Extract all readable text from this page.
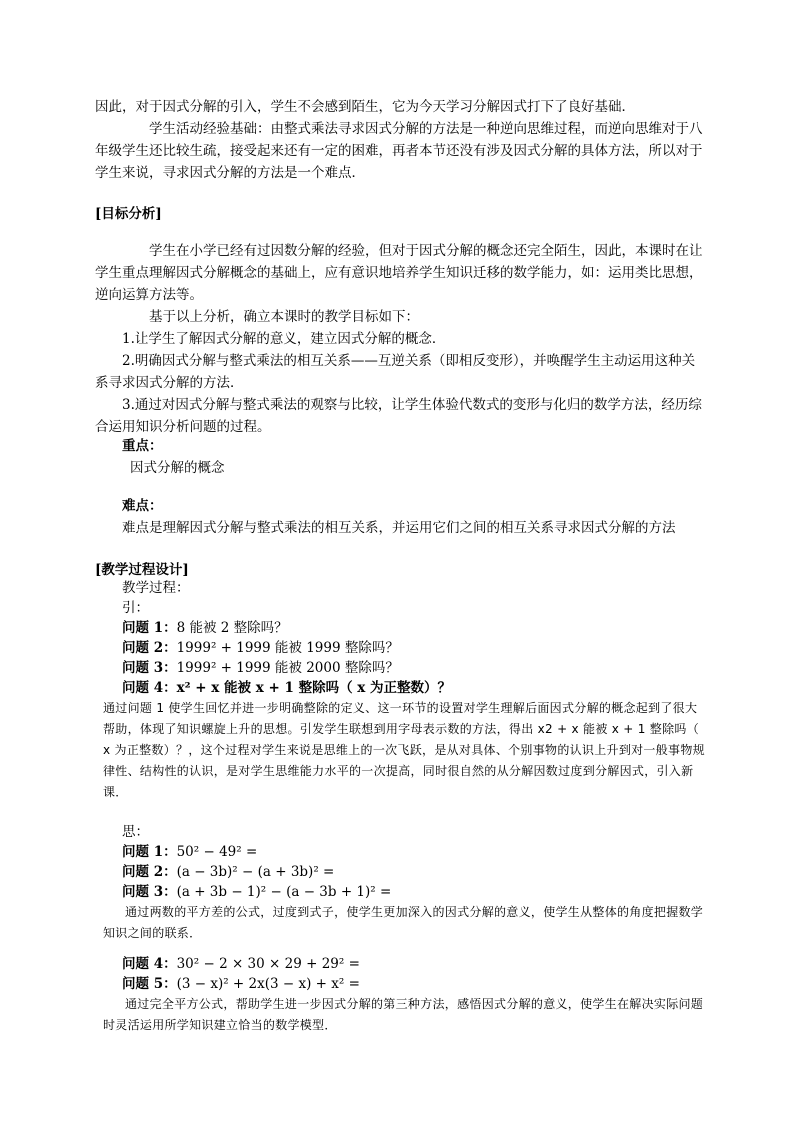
因此，对于因式分解的引入，学生不会感到陌生，它为今天学习分解因式打下了良好基础．

学生活动经验基础：由整式乘法寻求因式分解的方法是一种逆向思维过程，而逆向思维对于八年级学生还比较生疏，接受起来还有一定的困难，再者本节还没有涉及因式分解的具体方法，所以对于学生来说，寻求因式分解的方法是一个难点．

[目标分析]

学生在小学已经有过因数分解的经验，但对于因式分解的概念还完全陌生，因此，本课时在让学生重点理解因式分解概念的基础上，应有意识地培养学生知识迁移的数学能力，如：运用类比思想，逆向运算方法等。

基于以上分析，确立本课时的教学目标如下：

1.让学生了解因式分解的意义，建立因式分解的概念．

2.明确因式分解与整式乘法的相互关系——互逆关系（即相反变形），并唤醒学生主动运用这种关系寻求因式分解的方法．

3.通过对因式分解与整式乘法的观察与比较，让学生体验代数式的变形与化归的数学方法，经历综合运用知识分析问题的过程。

重点：

因式分解的概念

难点：

难点是理解因式分解与整式乘法的相互关系，并运用它们之间的相互关系寻求因式分解的方法

[教学过程设计]

教学过程：

引：

问题 1：8 能被 2 整除吗？

问题 2：1999² + 1999 能被 1999 整除吗？

问题 3：1999² + 1999 能被 2000 整除吗？

问题 4：x² + x 能被 x + 1 整除吗（ x 为正整数）？

通过问题 1 使学生回忆并进一步明确整除的定义、这一环节的设置对学生理解后面因式分解的概念起到了很大帮助，体现了知识螺旋上升的思想。引发学生联想到用字母表示数的方法，得出 x2 + x 能被 x + 1 整除吗（ x 为正整数）？，这个过程对学生来说是思维上的一次飞跃，是从对具体、个别事物的认识上升到对一般事物规律性、结构性的认识，是对学生思维能力水平的一次提高，同时很自然的从分解因数过度到分解因式，引入新课．

思：

问题 1：50² − 49² =

问题 2：(a − 3b)² − (a + 3b)² =

问题 3：(a + 3b − 1)² − (a − 3b + 1)² =

通过两数的平方差的公式，过度到式子，使学生更加深入的因式分解的意义，使学生从整体的角度把握数学知识之间的联系．

问题 4：30² − 2 × 30 × 29 + 29² =

问题 5：(3 − x)² + 2x(3 − x) + x² =

通过完全平方公式，帮助学生进一步因式分解的第三种方法，感悟因式分解的意义，使学生在解决实际问题时灵活运用所学知识建立恰当的数学模型．
